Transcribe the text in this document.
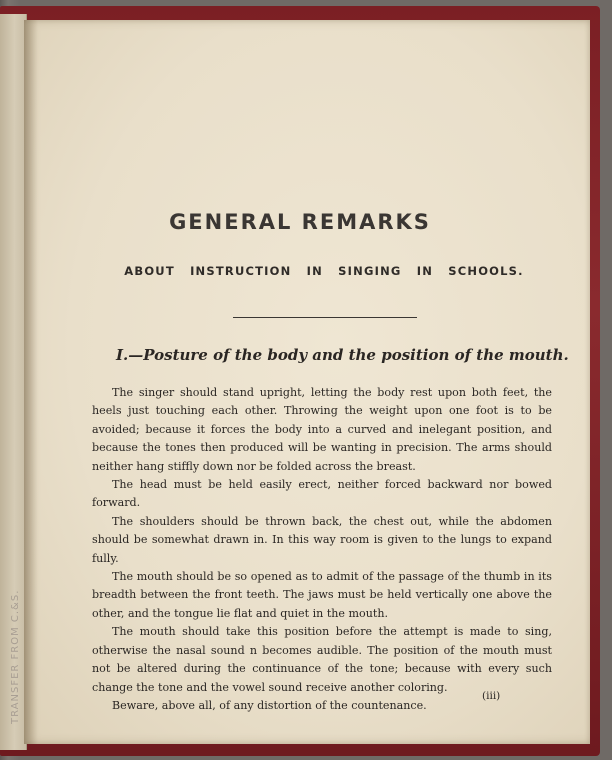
TRANSFER FROM C.&S.
GENERAL REMARKS
ABOUT INSTRUCTION IN SINGING IN SCHOOLS.
I.—Posture of the body and the position of the mouth.

The singer should stand upright, letting the body rest upon both feet, the heels just touching each other. Throwing the weight upon one foot is to be avoided; because it forces the body into a curved and inelegant position, and because the tones then produced will be wanting in precision. The arms should neither hang stiffly down nor be folded across the breast.

The head must be held easily erect, neither forced backward nor bowed forward.

The shoulders should be thrown back, the chest out, while the abdomen should be somewhat drawn in. In this way room is given to the lungs to expand fully.

The mouth should be so opened as to admit of the passage of the thumb in its breadth between the front teeth. The jaws must be held vertically one above the other, and the tongue lie flat and quiet in the mouth.

The mouth should take this position before the attempt is made to sing, otherwise the nasal sound n becomes audible. The position of the mouth must not be altered during the continuance of the tone; because with every such change the tone and the vowel sound receive another coloring.

Beware, above all, of any distortion of the countenance.

(iii)
